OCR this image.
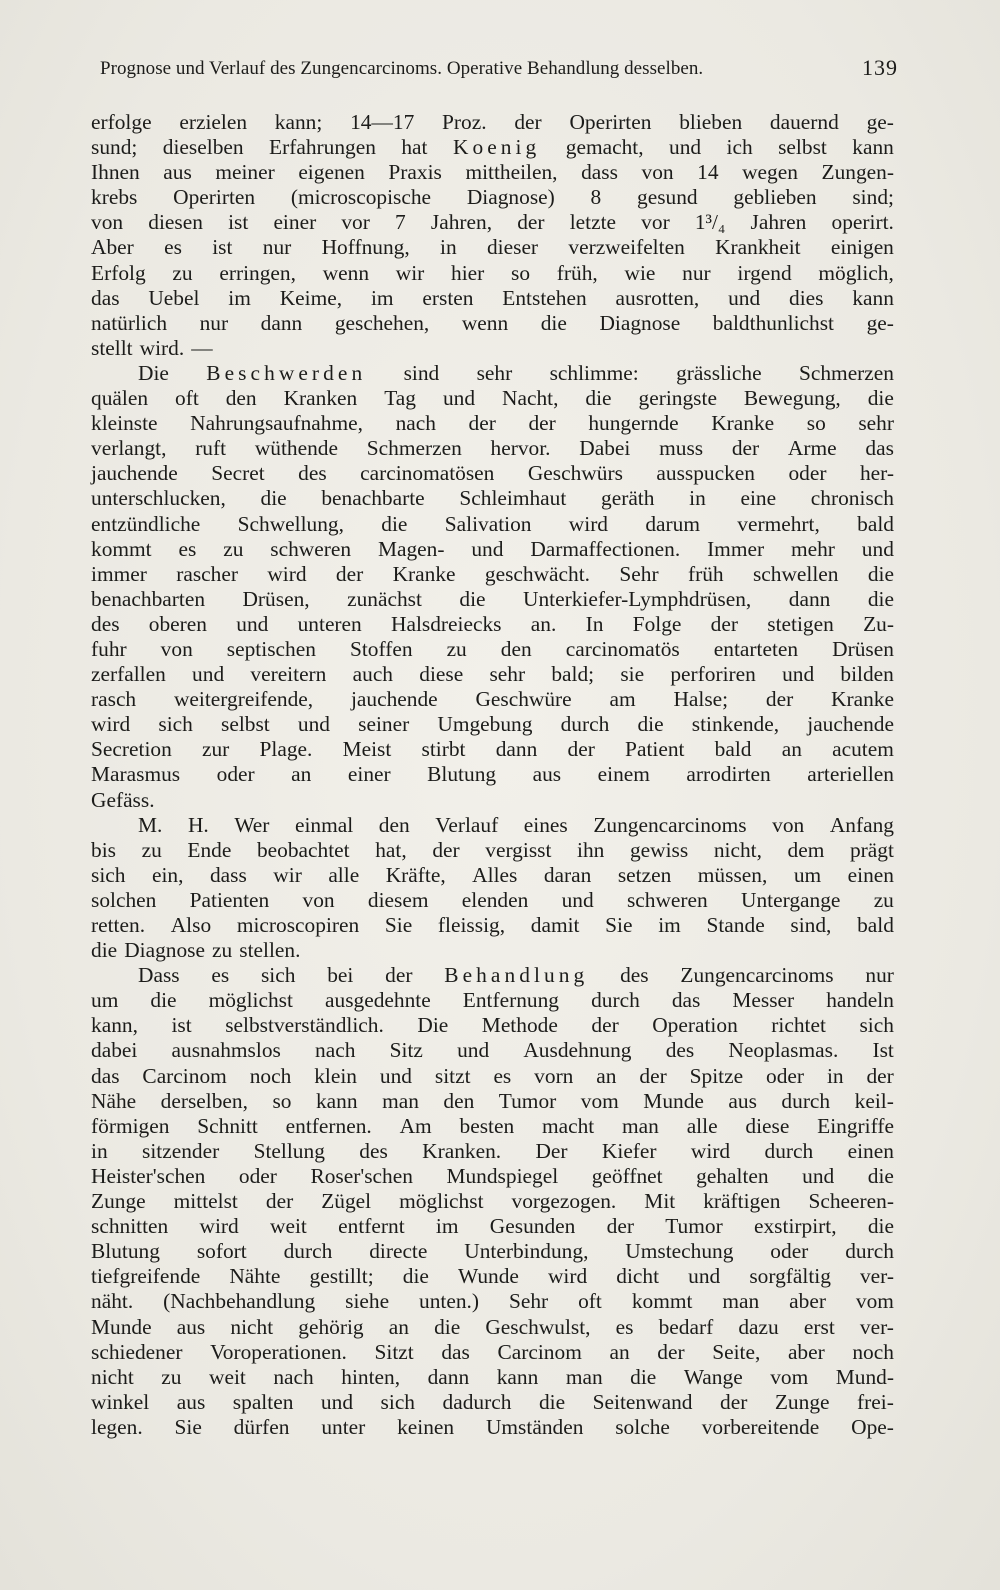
Prognose und Verlauf des Zungencarcinoms. Operative Behandlung desselben.	139
erfolge erzielen kann; 14—17 Proz. der Operirten blieben dauernd ge-
sund; dieselben Erfahrungen hat Koenig gemacht, und ich selbst kann
Ihnen aus meiner eigenen Praxis mittheilen, dass von 14 wegen Zungen-
krebs Operirten (microscopische Diagnose) 8 gesund geblieben sind;
von diesen ist einer vor 7 Jahren, der letzte vor 1³/₄ Jahren operirt.
Aber es ist nur Hoffnung, in dieser verzweifelten Krankheit einigen
Erfolg zu erringen, wenn wir hier so früh, wie nur irgend möglich,
das Uebel im Keime, im ersten Entstehen ausrotten, und dies kann
natürlich nur dann geschehen, wenn die Diagnose baldthunlichst ge-
stellt wird. —
Die Beschwerden sind sehr schlimme: grässliche Schmerzen
quälen oft den Kranken Tag und Nacht, die geringste Bewegung, die
kleinste Nahrungsaufnahme, nach der der hungernde Kranke so sehr
verlangt, ruft wüthende Schmerzen hervor. Dabei muss der Arme das
jauchende Secret des carcinomatösen Geschwürs ausspucken oder her-
unterschlucken, die benachbarte Schleimhaut geräth in eine chronisch
entzündliche Schwellung, die Salivation wird darum vermehrt, bald
kommt es zu schweren Magen- und Darmaffectionen. Immer mehr und
immer rascher wird der Kranke geschwächt. Sehr früh schwellen die
benachbarten Drüsen, zunächst die Unterkiefer-Lymphdrüsen, dann die
des oberen und unteren Halsdreiecks an. In Folge der stetigen Zu-
fuhr von septischen Stoffen zu den carcinomatös entarteten Drüsen
zerfallen und vereitern auch diese sehr bald; sie perforiren und bilden
rasch weitergreifende, jauchende Geschwüre am Halse; der Kranke
wird sich selbst und seiner Umgebung durch die stinkende, jauchende
Secretion zur Plage. Meist stirbt dann der Patient bald an acutem
Marasmus oder an einer Blutung aus einem arrodirten arteriellen
Gefäss.
M. H. Wer einmal den Verlauf eines Zungencarcinoms von Anfang
bis zu Ende beobachtet hat, der vergisst ihn gewiss nicht, dem prägt
sich ein, dass wir alle Kräfte, Alles daran setzen müssen, um einen
solchen Patienten von diesem elenden und schweren Untergange zu
retten. Also microscopiren Sie fleissig, damit Sie im Stande sind, bald
die Diagnose zu stellen.
Dass es sich bei der Behandlung des Zungencarcinoms nur
um die möglichst ausgedehnte Entfernung durch das Messer handeln
kann, ist selbstverständlich. Die Methode der Operation richtet sich
dabei ausnahmslos nach Sitz und Ausdehnung des Neoplasmas. Ist
das Carcinom noch klein und sitzt es vorn an der Spitze oder in der
Nähe derselben, so kann man den Tumor vom Munde aus durch keil-
förmigen Schnitt entfernen. Am besten macht man alle diese Eingriffe
in sitzender Stellung des Kranken. Der Kiefer wird durch einen
Heister'schen oder Roser'schen Mundspiegel geöffnet gehalten und die
Zunge mittelst der Zügel möglichst vorgezogen. Mit kräftigen Scheeren-
schnitten wird weit entfernt im Gesunden der Tumor exstirpirt, die
Blutung sofort durch directe Unterbindung, Umstechung oder durch
tiefgreifende Nähte gestillt; die Wunde wird dicht und sorgfältig ver-
näht. (Nachbehandlung siehe unten.) Sehr oft kommt man aber vom
Munde aus nicht gehörig an die Geschwulst, es bedarf dazu erst ver-
schiedener Voroperationen. Sitzt das Carcinom an der Seite, aber noch
nicht zu weit nach hinten, dann kann man die Wange vom Mund-
winkel aus spalten und sich dadurch die Seitenwand der Zunge frei-
legen. Sie dürfen unter keinen Umständen solche vorbereitende Ope-
